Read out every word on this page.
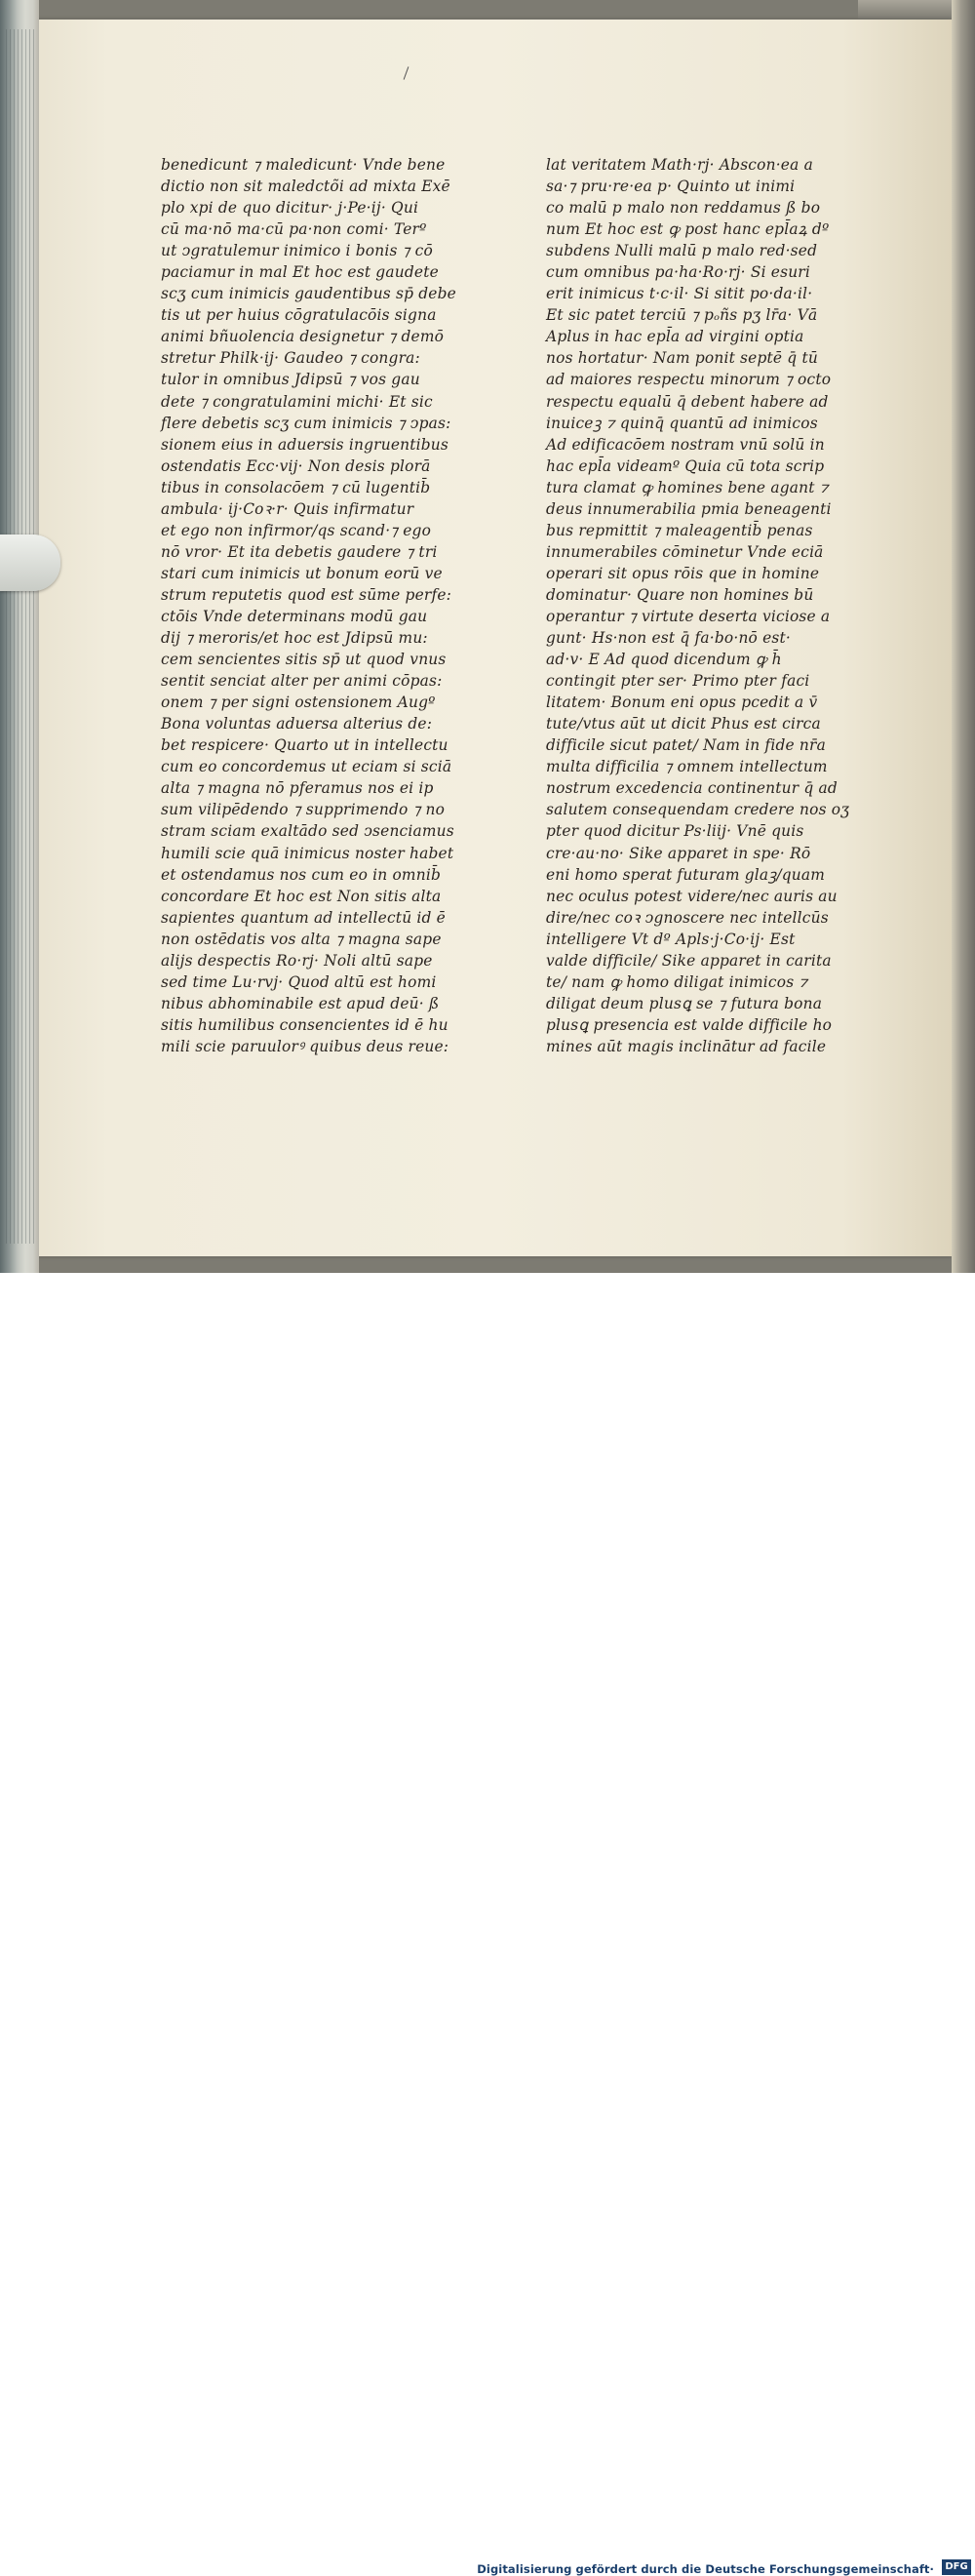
benedicunt ⁊ maledicunt· Vnde bene
dictio non sit maledctõi ad mixta Exē
plo xpi de quo dicitur· j·Pe·ij· Qui
cū ma·nō ma·cū pa·non comi· Terº
ut ↄgratulemur inimico i bonis ⁊ cō
paciamur in mal Et hoc est gaudete
scʒ cum inimicis gaudentibus sp̄ debe
tis ut per huius cōgratulacōis signa
animi bñuolencia designetur ⁊ demō
stretur Philk·ij· Gaudeo ⁊ congra:
tulor in omnibus Jdipsū ⁊ vos gau
dete ⁊ congratulamini michi· Et sic
flere debetis scʒ cum inimicis ⁊ ↄpas:
sionem eius in aduersis ingruentibus
ostendatis Ecc·vij· Non desis plorā
tibus in consolacōem ⁊ cū lugentib̄
ambula· ij·Coꝛ·r· Quis infirmatur
et ego non infirmor/qs scand·⁊ ego
nō vror· Et ita debetis gaudere ⁊ tri
stari cum inimicis ut bonum eorū ve
strum reputetis quod est sūme perfe:
ctōis Vnde determinans modū gau
dij ⁊ meroris/et hoc est Jdipsū mu:
cem sencientes sitis sp̄ ut quod vnus
sentit senciat alter per animi cōpas:
onem ⁊ per signi ostensionem Augº
Bona voluntas aduersa alterius de:
bet respicere· Quarto ut in intellectu
cum eo concordemus ut eciam si sciā
alta ⁊ magna nō pferamus nos ei ip
sum vilipēdendo ⁊ supprimendo ⁊ no
stram sciam exaltādo sed ↄsenciamus
humili scie quā inimicus noster habet
et ostendamus nos cum eo in omnib̄
concordare Et hoc est Non sitis alta
sapientes quantum ad intellectū id ē
non ostēdatis vos alta ⁊ magna sape
alijs despectis Ro·rj· Noli altū sape
sed time Lu·rvj· Quod altū est homi
nibus abhominabile est apud deū· ß
sitis humilibus consencientes id ē hu
mili scie paruulorꝰ quibus deus reue:
lat veritatem Math·rj· Abscon·ea a
sa·⁊ pru·re·ea p· Quinto ut inimi
co malū p malo non reddamus ß bo
num Et hoc est ꝙ post hanc epl̄aꝝ dº
subdens Nulli malū p malo red·sed
cum omnibus pa·ha·Ro·rj· Si esuri
erit inimicus t·c·il· Si sitit po·da·il·
Et sic patet terciū ⁊ pₒñs pʒ lr̄a· Vā
Aplus in hac epl̄a ad virgini optia
nos hortatur· Nam ponit septē q̄ tū
ad maiores respectu minorum ⁊ octo
respectu equalū q̄ debent habere ad
inuiceꝫ ⁊ quinq̄ quantū ad inimicos
Ad edificacōem nostram vnū solū in
hac epl̄a videamº Quia cū tota scrip
tura clamat ꝙ homines bene agant ⁊
deus innumerabilia pmia beneagenti
bus repmittit ⁊ maleagentib̄ penas
innumerabiles cōminetur Vnde eciā
operari sit opus rōis que in homine
dominatur· Quare non homines bū
operantur ⁊ virtute deserta viciose a
gunt· Hs·non est q̄ fa·bo·nō est·
ad·v· E Ad quod dicendum ꝙ h̄
contingit pter ser· Primo pter faci
litatem· Bonum eni opus pcedit a v̄
tute/vtus aūt ut dicit Phus est circa
difficile sicut patet/ Nam in fide nr̄a
multa difficilia ⁊ omnem intellectum
nostrum excedencia continentur q̄ ad
salutem consequendam credere nos oʒ
pter quod dicitur Ps·liij· Vnē quis
cre·au·no· Sike apparet in spe· Rō
eni homo sperat futuram glaꝫ/quam
nec oculus potest videre/nec auris au
dire/nec coꝛ ↄgnoscere nec intellcūs
intelligere Vt dº Apls·j·Co·ij· Est
valde difficile/ Sike apparet in carita
te/ nam ꝙ homo diligat inimicos ⁊
diligat deum plusꝗ se ⁊ futura bona
plusꝗ presencia est valde difficile ho
mines aūt magis inclinātur ad facile
Digitalisierung gefördert durch die Deutsche Forschungsgemeinschaft·	DFG
